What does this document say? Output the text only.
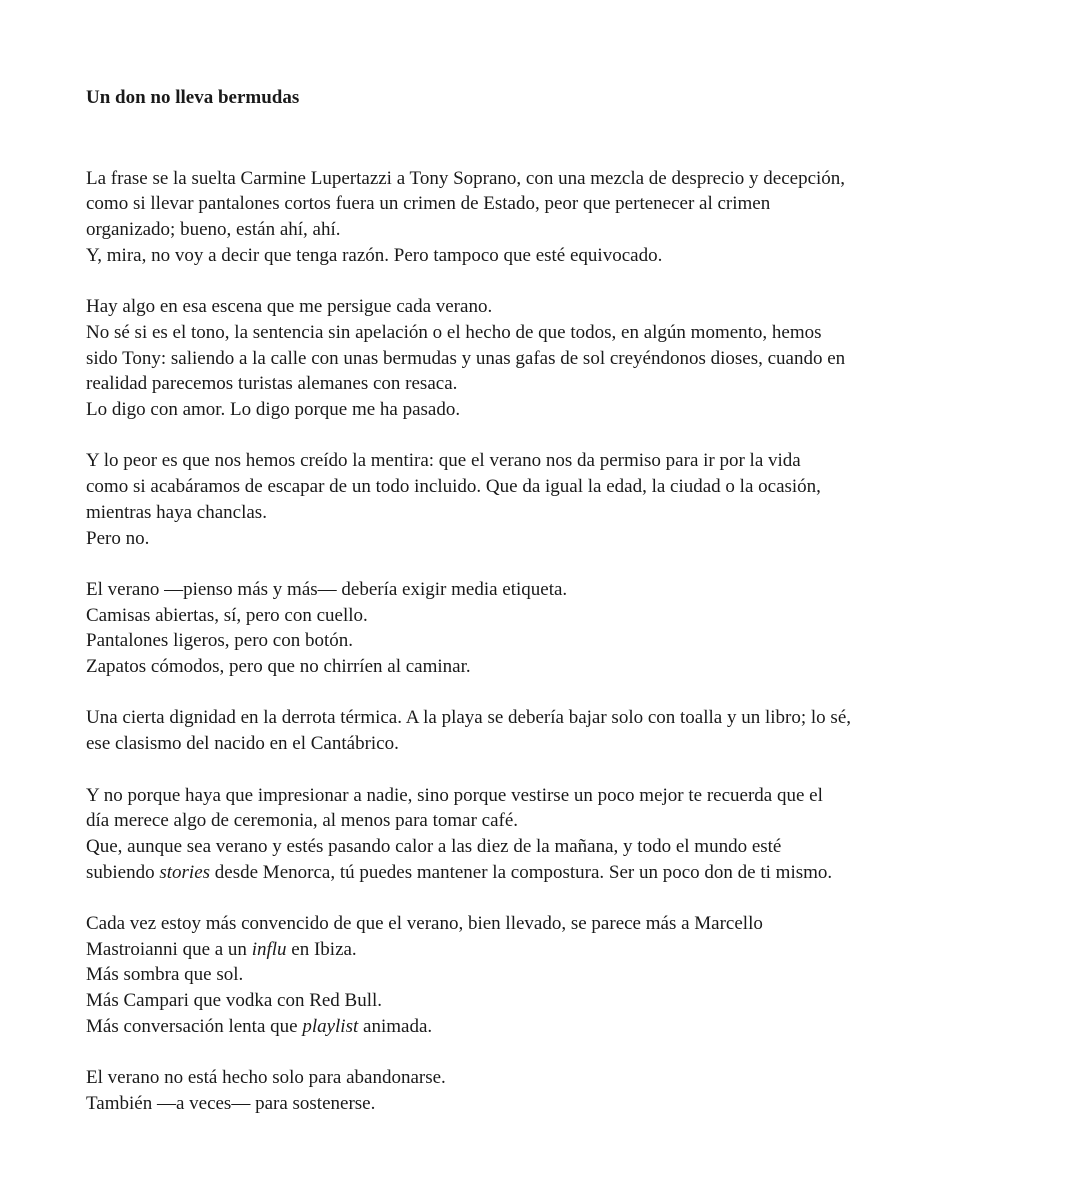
Un don no lleva bermudas
La frase se la suelta Carmine Lupertazzi a Tony Soprano, con una mezcla de desprecio y decepción,
como si llevar pantalones cortos fuera un crimen de Estado, peor que pertenecer al crimen
organizado; bueno, están ahí, ahí.
Y, mira, no voy a decir que tenga razón. Pero tampoco que esté equivocado.
Hay algo en esa escena que me persigue cada verano.
No sé si es el tono, la sentencia sin apelación o el hecho de que todos, en algún momento, hemos
sido Tony: saliendo a la calle con unas bermudas y unas gafas de sol creyéndonos dioses, cuando en
realidad parecemos turistas alemanes con resaca.
Lo digo con amor. Lo digo porque me ha pasado.
Y lo peor es que nos hemos creído la mentira: que el verano nos da permiso para ir por la vida
como si acabáramos de escapar de un todo incluido. Que da igual la edad, la ciudad o la ocasión,
mientras haya chanclas.
Pero no.
El verano —pienso más y más— debería exigir media etiqueta.
Camisas abiertas, sí, pero con cuello.
Pantalones ligeros, pero con botón.
Zapatos cómodos, pero que no chirríen al caminar.
Una cierta dignidad en la derrota térmica. A la playa se debería bajar solo con toalla y un libro; lo sé,
ese clasismo del nacido en el Cantábrico.
Y no porque haya que impresionar a nadie, sino porque vestirse un poco mejor te recuerda que el
día merece algo de ceremonia, al menos para tomar café.
Que, aunque sea verano y estés pasando calor a las diez de la mañana, y todo el mundo esté
subiendo stories desde Menorca, tú puedes mantener la compostura. Ser un poco don de ti mismo.
Cada vez estoy más convencido de que el verano, bien llevado, se parece más a Marcello
Mastroianni que a un influ en Ibiza.
Más sombra que sol.
Más Campari que vodka con Red Bull.
Más conversación lenta que playlist animada.
El verano no está hecho solo para abandonarse.
También —a veces— para sostenerse.
